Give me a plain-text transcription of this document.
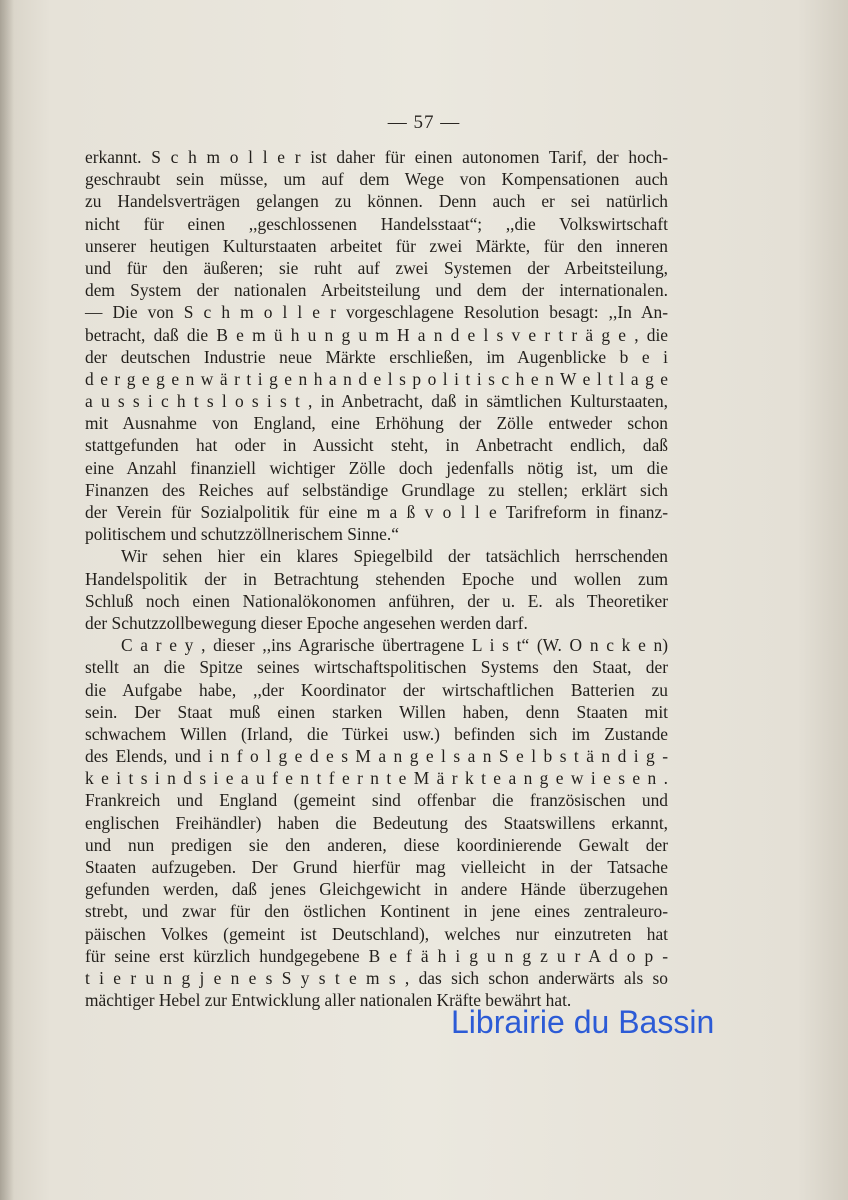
— 57 —
erkannt. S c h m o l l e r ist daher für einen autonomen Tarif, der hoch-
geschraubt sein müsse, um auf dem Wege von Kompensationen auch
zu Handelsverträgen gelangen zu können. Denn auch er sei natürlich
nicht für einen ,,geschlossenen Handelsstaat“; ,,die Volkswirtschaft
unserer heutigen Kulturstaaten arbeitet für zwei Märkte, für den inneren
und für den äußeren; sie ruht auf zwei Systemen der Arbeitsteilung,
dem System der nationalen Arbeitsteilung und dem der internationalen.
— Die von S c h m o l l e r vorgeschlagene Resolution besagt: ,,In An-
betracht, daß die B e m ü h u n g u m H a n d e l s v e r t r ä g e , die
der deutschen Industrie neue Märkte erschließen, im Augenblicke b e i
d e r g e g e n w ä r t i g e n h a n d e l s p o l i t i s c h e n W e l t l a g e
a u s s i c h t s l o s i s t , in Anbetracht, daß in sämtlichen Kulturstaaten,
mit Ausnahme von England, eine Erhöhung der Zölle entweder schon
stattgefunden hat oder in Aussicht steht, in Anbetracht endlich, daß
eine Anzahl finanziell wichtiger Zölle doch jedenfalls nötig ist, um die
Finanzen des Reiches auf selbständige Grundlage zu stellen; erklärt sich
der Verein für Sozialpolitik für eine m a ß v o l l e Tarifreform in finanz-
politischem und schutzzöllnerischem Sinne.“
Wir sehen hier ein klares Spiegelbild der tatsächlich herrschenden
Handelspolitik der in Betrachtung stehenden Epoche und wollen zum
Schluß noch einen Nationalökonomen anführen, der u. E. als Theoretiker
der Schutzzollbewegung dieser Epoche angesehen werden darf.
C a r e y , dieser ,,ins Agrarische übertragene L i s t“ (W. O n c k e n)
stellt an die Spitze seines wirtschaftspolitischen Systems den Staat, der
die Aufgabe habe, ,,der Koordinator der wirtschaftlichen Batterien zu
sein. Der Staat muß einen starken Willen haben, denn Staaten mit
schwachem Willen (Irland, die Türkei usw.) befinden sich im Zustande
des Elends, und i n f o l g e d e s M a n g e l s a n S e l b s t ä n d i g -
k e i t s i n d s i e a u f e n t f e r n t e M ä r k t e a n g e w i e s e n .
Frankreich und England (gemeint sind offenbar die französischen und
englischen Freihändler) haben die Bedeutung des Staatswillens erkannt,
und nun predigen sie den anderen, diese koordinierende Gewalt der
Staaten aufzugeben. Der Grund hierfür mag vielleicht in der Tatsache
gefunden werden, daß jenes Gleichgewicht in andere Hände überzugehen
strebt, und zwar für den östlichen Kontinent in jene eines zentraleuro-
päischen Volkes (gemeint ist Deutschland), welches nur einzutreten hat
für seine erst kürzlich hundgegebene B e f ä h i g u n g z u r A d o p -
t i e r u n g j e n e s S y s t e m s , das sich schon anderwärts als so
mächtiger Hebel zur Entwicklung aller nationalen Kräfte bewährt hat.
Librairie du Bassin
